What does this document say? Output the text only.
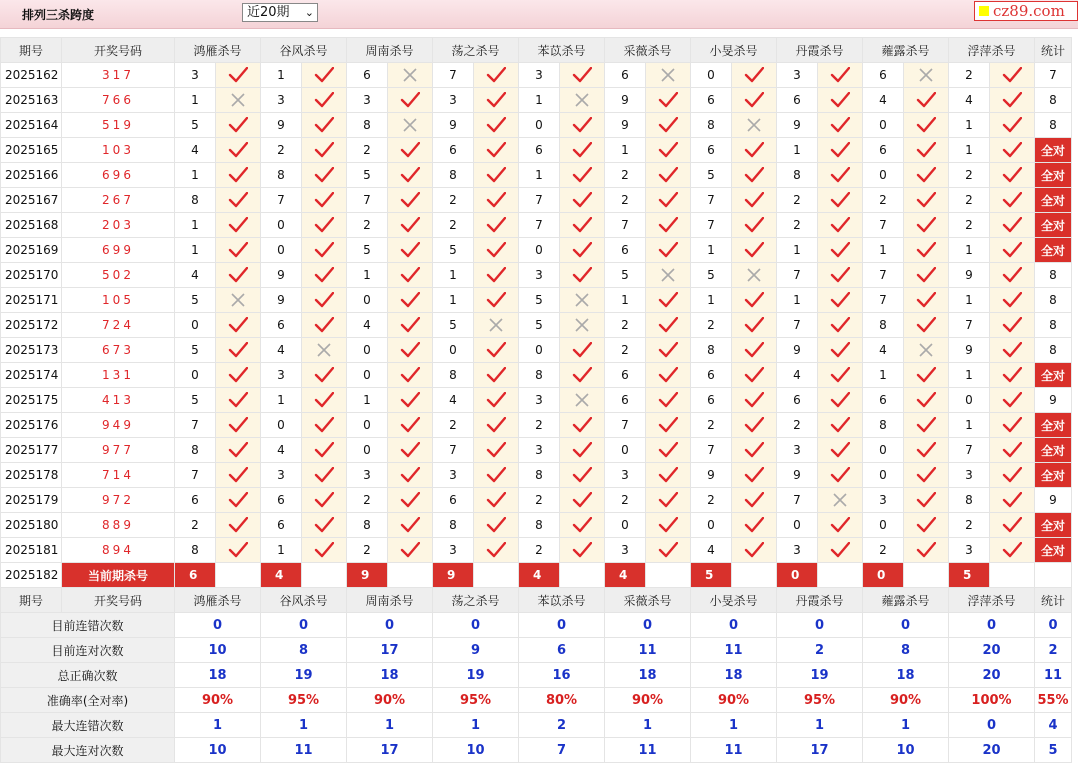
排列三杀跨度	近20期 ⌄	cz89.com
期号	开奖号码	鸿雁杀号		谷风杀号		周南杀号		荡之杀号		苯苡杀号		采薇杀号		小旻杀号		丹霞杀号		蕹露杀号		浮萍杀号		统计
2025162	317	3		1		6		7		3		6		0		3		6		2		7
2025163	766	1		3		3		3		1		9		6		6		4		4		8
2025164	519	5		9		8		9		0		9		8		9		0		1		8
2025165	103	4		2		2		6		6		1		6		1		6		1		全对
2025166	696	1		8		5		8		1		2		5		8		0		2		全对
2025167	267	8		7		7		2		7		2		7		2		2		2		全对
2025168	203	1		0		2		2		7		7		7		2		7		2		全对
2025169	699	1		0		5		5		0		6		1		1		1		1		全对
2025170	502	4		9		1		1		3		5		5		7		7		9		8
2025171	105	5		9		0		1		5		1		1		1		7		1		8
2025172	724	0		6		4		5		5		2		2		7		8		7		8
2025173	673	5		4		0		0		0		2		8		9		4		9		8
2025174	131	0		3		0		8		8		6		6		4		1		1		全对
2025175	413	5		1		1		4		3		6		6		6		6		0		9
2025176	949	7		0		0		2		2		7		2		2		8		1		全对
2025177	977	8		4		0		7		3		0		7		3		0		7		全对
2025178	714	7		3		3		3		8		3		9		9		0		3		全对
2025179	972	6		6		2		6		2		2		2		7		3		8		9
2025180	889	2		6		8		8		8		0		0		0		0		2		全对
2025181	894	8		1		2		3		2		3		4		3		2		3		全对
2025182	当前期杀号	6		4		9		9		4		4		5		0		0		5		
期号	开奖号码	鸿雁杀号		谷风杀号		周南杀号		荡之杀号		苯苡杀号		采薇杀号		小旻杀号		丹霞杀号		蕹露杀号		浮萍杀号		统计
目前连错次数		0		0		0		0		0		0		0		0		0		0		0
目前连对次数		10		8		17		9		6		11		11		2		8		20		2
总正确次数		18		19		18		19		16		18		18		19		18		20		11
准确率(全对率)		90%		95%		90%		95%		80%		90%		90%		95%		90%		100%		55%
最大连错次数		1		1		1		1		2		1		1		1		1		0		4
最大连对次数		10		11		17		10		7		11		11		17		10		20		5
